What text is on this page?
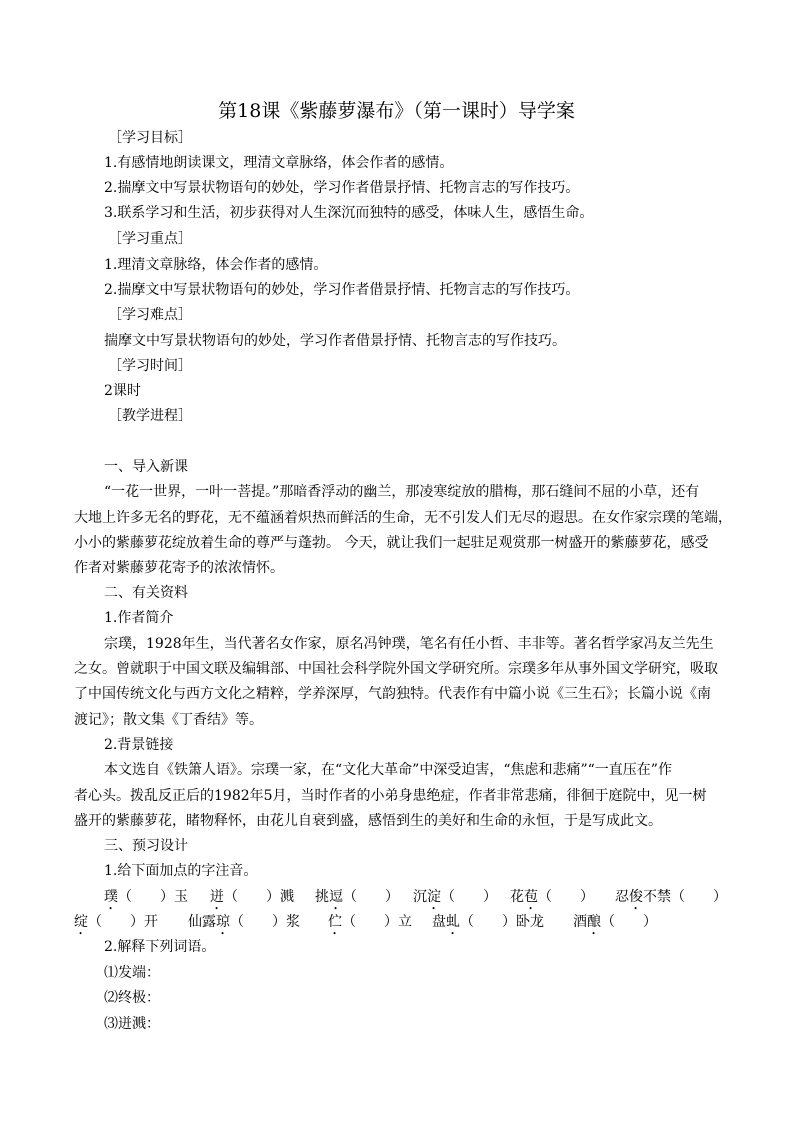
第18课《紫藤萝瀑布》（第一课时）导学案
［学习目标］
1.有感情地朗读课文，理清文章脉络，体会作者的感情。
2.揣摩文中写景状物语句的妙处，学习作者借景抒情、托物言志的写作技巧。
3.联系学习和生活，初步获得对人生深沉而独特的感受，体味人生，感悟生命。
［学习重点］
1.理清文章脉络，体会作者的感情。
2.揣摩文中写景状物语句的妙处，学习作者借景抒情、托物言志的写作技巧。
［学习难点］
揣摩文中写景状物语句的妙处，学习作者借景抒情、托物言志的写作技巧。
［学习时间］
2课时
［教学进程］
一、导入新课
“一花一世界，一叶一菩提。”那暗香浮动的幽兰，那凌寒绽放的腊梅，那石缝间不屈的小草，还有
大地上许多无名的野花，无不蕴涵着炽热而鲜活的生命，无不引发人们无尽的遐思。在女作家宗璞的笔端，
小小的紫藤萝花绽放着生命的尊严与蓬勃。 今天，就让我们一起驻足观赏那一树盛开的紫藤萝花，感受
作者对紫藤萝花寄予的浓浓情怀。
二、有关资料
1.作者简介
宗璞，1928年生，当代著名女作家，原名冯钟璞，笔名有任小哲、丰非等。著名哲学家冯友兰先生
之女。曾就职于中国文联及编辑部、中国社会科学院外国文学研究所。宗璞多年从事外国文学研究，吸取
了中国传统文化与西方文化之精粹，学养深厚，气韵独特。代表作有中篇小说《三生石》；长篇小说《南
渡记》；散文集《丁香结》等。
2.背景链接
本文选自《铁箫人语》。宗璞一家，在“文化大革命”中深受迫害，“焦虑和悲痛”“一直压在”作
者心头。拨乱反正后的1982年5月，当时作者的小弟身患绝症，作者非常悲痛，徘徊于庭院中，见一树
盛开的紫藤萝花，睹物释怀，由花儿自衰到盛，感悟到生的美好和生命的永恒，于是写成此文。
三、预习设计
1.给下面加点的字注音。
璞（　　）玉 迸（　　）溅 挑逗（　　） 沉淀（　　） 花苞（　　） 忍俊不禁（　　）
绽（　　）开 仙露琼（　　）浆 伫（　　）立 盘虬（　　）卧龙 酒酿（　　）
2.解释下列词语。
⑴发端：
⑵终极：
⑶迸溅：
